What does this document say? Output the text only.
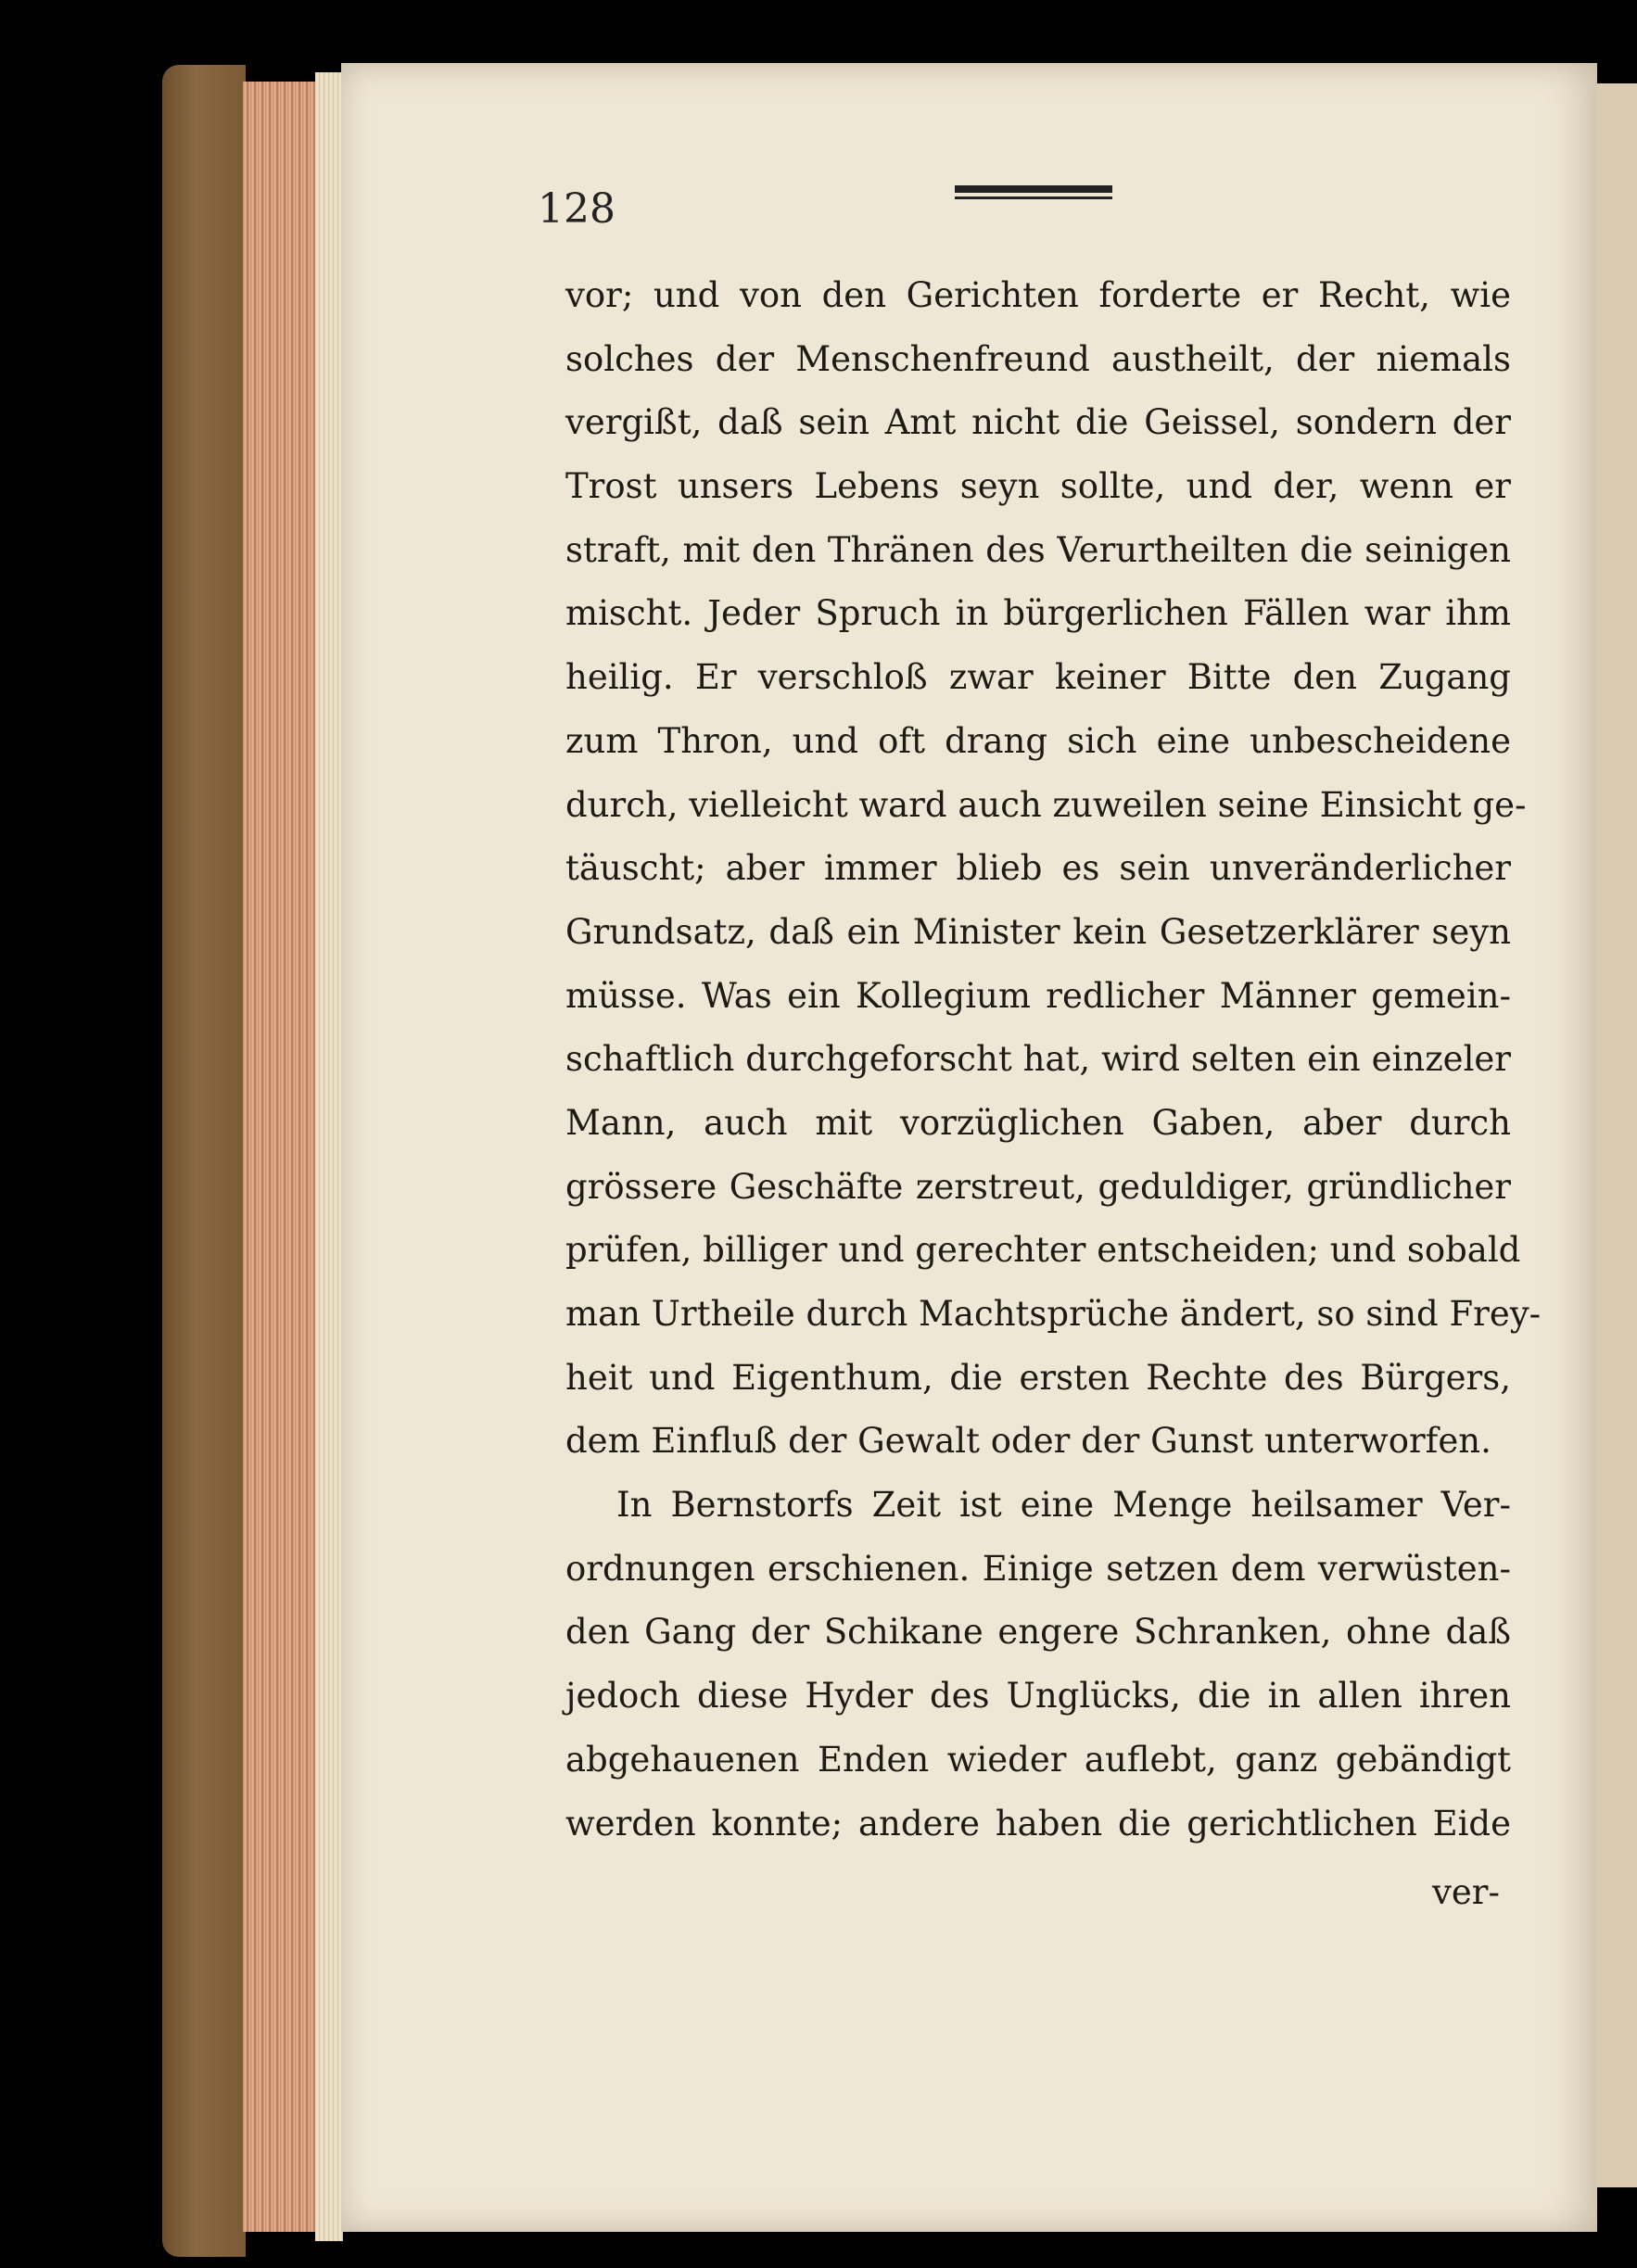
128
vor; und von den Gerichten forderte er Recht, wie
solches der Menschenfreund austheilt, der niemals
vergißt, daß sein Amt nicht die Geissel, sondern der
Trost unsers Lebens seyn sollte, und der, wenn er
straft, mit den Thränen des Verurtheilten die seinigen
mischt. Jeder Spruch in bürgerlichen Fällen war ihm
heilig. Er verschloß zwar keiner Bitte den Zugang
zum Thron, und oft drang sich eine unbescheidene
durch, vielleicht ward auch zuweilen seine Einsicht ge-
täuscht; aber immer blieb es sein unveränderlicher
Grundsatz, daß ein Minister kein Gesetzerklärer seyn
müsse. Was ein Kollegium redlicher Männer gemein-
schaftlich durchgeforscht hat, wird selten ein einzeler
Mann, auch mit vorzüglichen Gaben, aber durch
grössere Geschäfte zerstreut, geduldiger, gründlicher
prüfen, billiger und gerechter entscheiden; und sobald
man Urtheile durch Machtsprüche ändert, so sind Frey-
heit und Eigenthum, die ersten Rechte des Bürgers,
dem Einfluß der Gewalt oder der Gunst unterworfen.
In Bernstorfs Zeit ist eine Menge heilsamer Ver-
ordnungen erschienen. Einige setzen dem verwüsten-
den Gang der Schikane engere Schranken, ohne daß
jedoch diese Hyder des Unglücks, die in allen ihren
abgehauenen Enden wieder auflebt, ganz gebändigt
werden konnte; andere haben die gerichtlichen Eide
ver-
